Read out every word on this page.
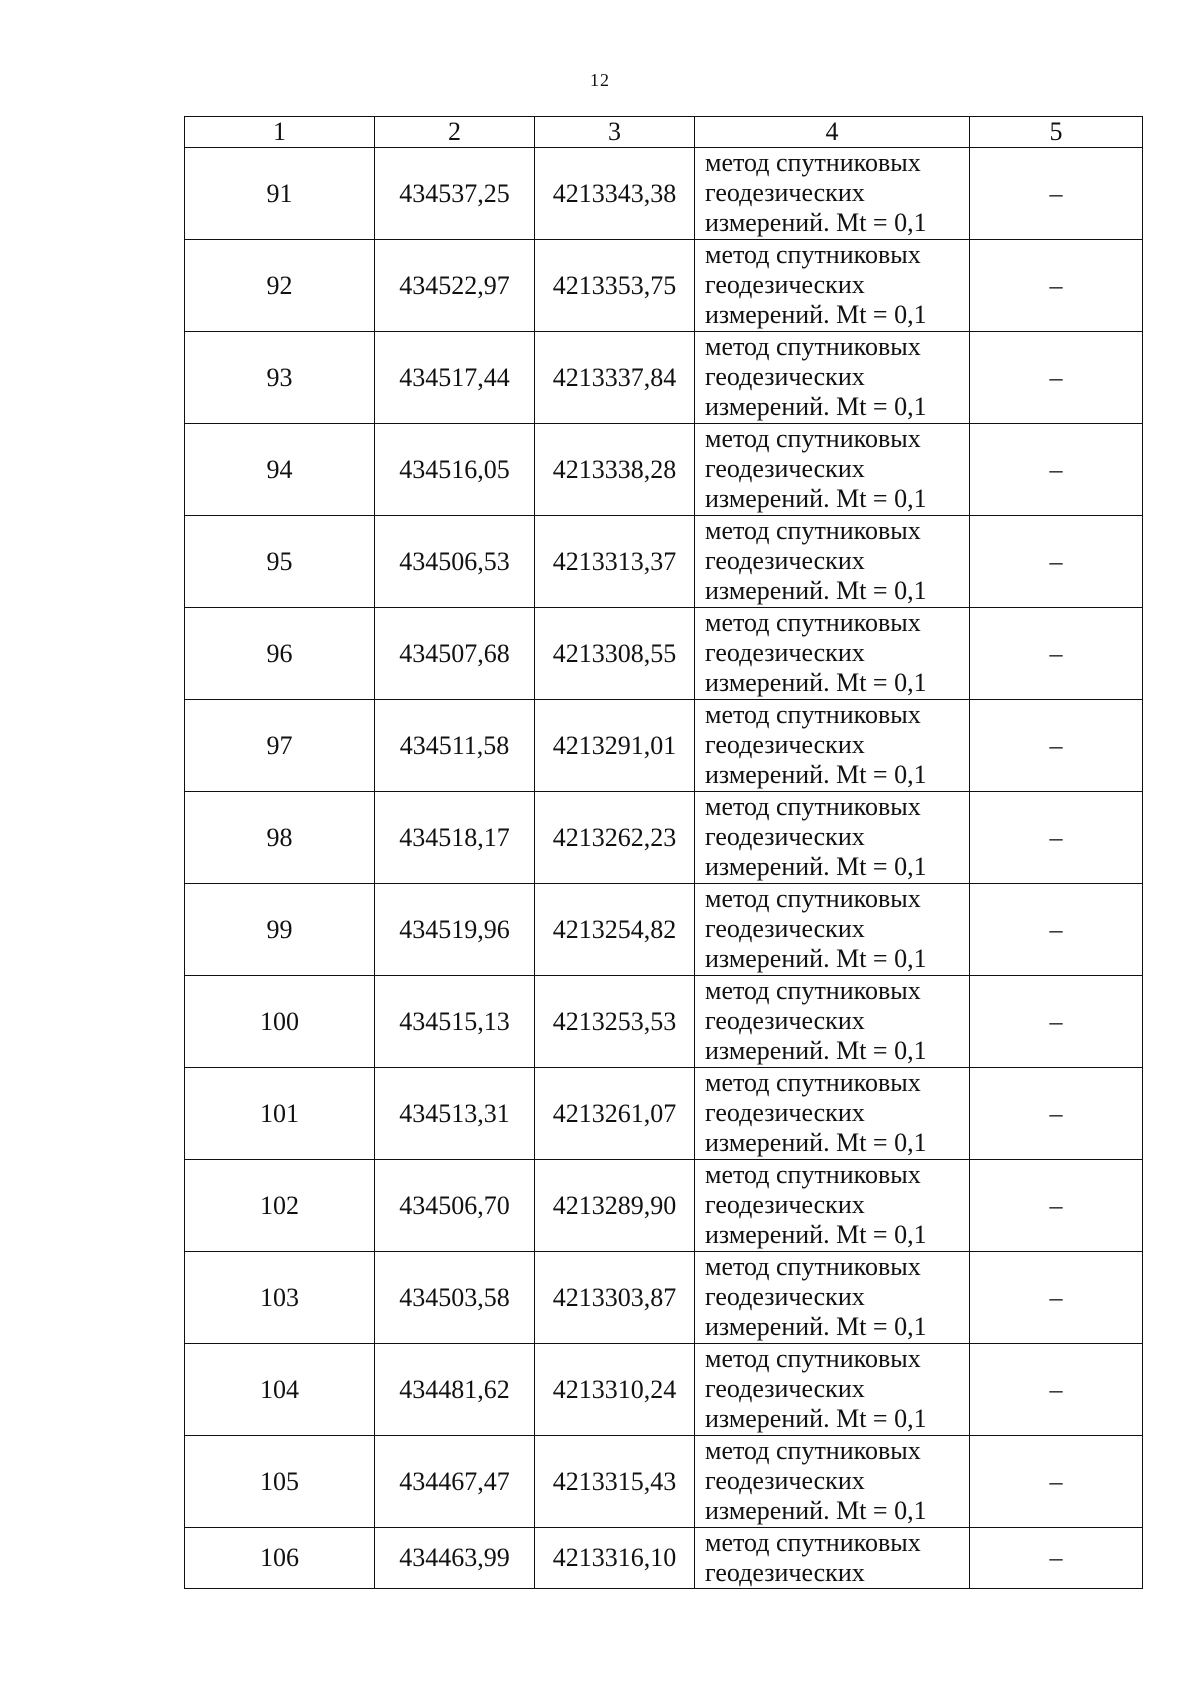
12
1	2	3	4	5
91	434537,25	4213343,38	метод спутниковых
геодезических
измерений. Mt = 0,1	–
92	434522,97	4213353,75	метод спутниковых
геодезических
измерений. Mt = 0,1	–
93	434517,44	4213337,84	метод спутниковых
геодезических
измерений. Mt = 0,1	–
94	434516,05	4213338,28	метод спутниковых
геодезических
измерений. Mt = 0,1	–
95	434506,53	4213313,37	метод спутниковых
геодезических
измерений. Mt = 0,1	–
96	434507,68	4213308,55	метод спутниковых
геодезических
измерений. Mt = 0,1	–
97	434511,58	4213291,01	метод спутниковых
геодезических
измерений. Mt = 0,1	–
98	434518,17	4213262,23	метод спутниковых
геодезических
измерений. Mt = 0,1	–
99	434519,96	4213254,82	метод спутниковых
геодезических
измерений. Mt = 0,1	–
100	434515,13	4213253,53	метод спутниковых
геодезических
измерений. Mt = 0,1	–
101	434513,31	4213261,07	метод спутниковых
геодезических
измерений. Mt = 0,1	–
102	434506,70	4213289,90	метод спутниковых
геодезических
измерений. Mt = 0,1	–
103	434503,58	4213303,87	метод спутниковых
геодезических
измерений. Mt = 0,1	–
104	434481,62	4213310,24	метод спутниковых
геодезических
измерений. Mt = 0,1	–
105	434467,47	4213315,43	метод спутниковых
геодезических
измерений. Mt = 0,1	–
106	434463,99	4213316,10	метод спутниковых
геодезических	–
